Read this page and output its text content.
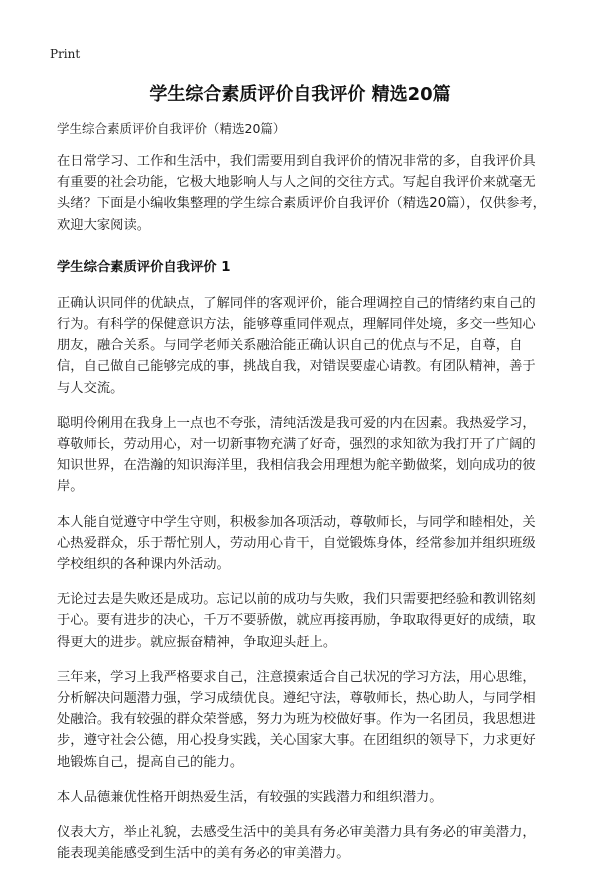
Print
学生综合素质评价自我评价 精选20篇
学生综合素质评价自我评价（精选20篇）

在日常学习、工作和生活中，我们需要用到自我评价的情况非常的多，自我评价具有重要的社会功能，它极大地影响人与人之间的交往方式。写起自我评价来就毫无头绪？下面是小编收集整理的学生综合素质评价自我评价（精选20篇），仅供参考，欢迎大家阅读。

学生综合素质评价自我评价 1

正确认识同伴的优缺点，了解同伴的客观评价，能合理调控自己的情绪约束自己的行为。有科学的保健意识方法，能够尊重同伴观点，理解同伴处境，多交一些知心朋友，融合关系。与同学老师关系融洽能正确认识自己的优点与不足，自尊，自信，自己做自己能够完成的事，挑战自我，对错误要虚心请教。有团队精神，善于与人交流。

聪明伶俐用在我身上一点也不夸张，清纯活泼是我可爱的内在因素。我热爱学习，尊敬师长，劳动用心，对一切新事物充满了好奇，强烈的求知欲为我打开了广阔的知识世界，在浩瀚的知识海洋里，我相信我会用理想为舵辛勤做桨，划向成功的彼岸。

本人能自觉遵守中学生守则，积极参加各项活动，尊敬师长，与同学和睦相处，关心热爱群众，乐于帮忙别人，劳动用心肯干，自觉锻炼身体，经常参加并组织班级学校组织的各种课内外活动。

无论过去是失败还是成功。忘记以前的成功与失败，我们只需要把经验和教训铭刻于心。要有进步的决心，千万不要骄傲，就应再接再励，争取取得更好的成绩，取得更大的进步。就应振奋精神，争取迎头赶上。

三年来，学习上我严格要求自己，注意摸索适合自己状况的学习方法，用心思维，分析解决问题潜力强，学习成绩优良。遵纪守法，尊敬师长，热心助人，与同学相处融洽。我有较强的群众荣誉感，努力为班为校做好事。作为一名团员，我思想进步，遵守社会公德，用心投身实践，关心国家大事。在团组织的领导下，力求更好地锻炼自己，提高自己的能力。

本人品德兼优性格开朗热爱生活，有较强的实践潜力和组织潜力。

仪表大方，举止礼貌，去感受生活中的美具有务必审美潜力具有务必的审美潜力，能表现美能感受到生活中的美有务必的审美潜力。
